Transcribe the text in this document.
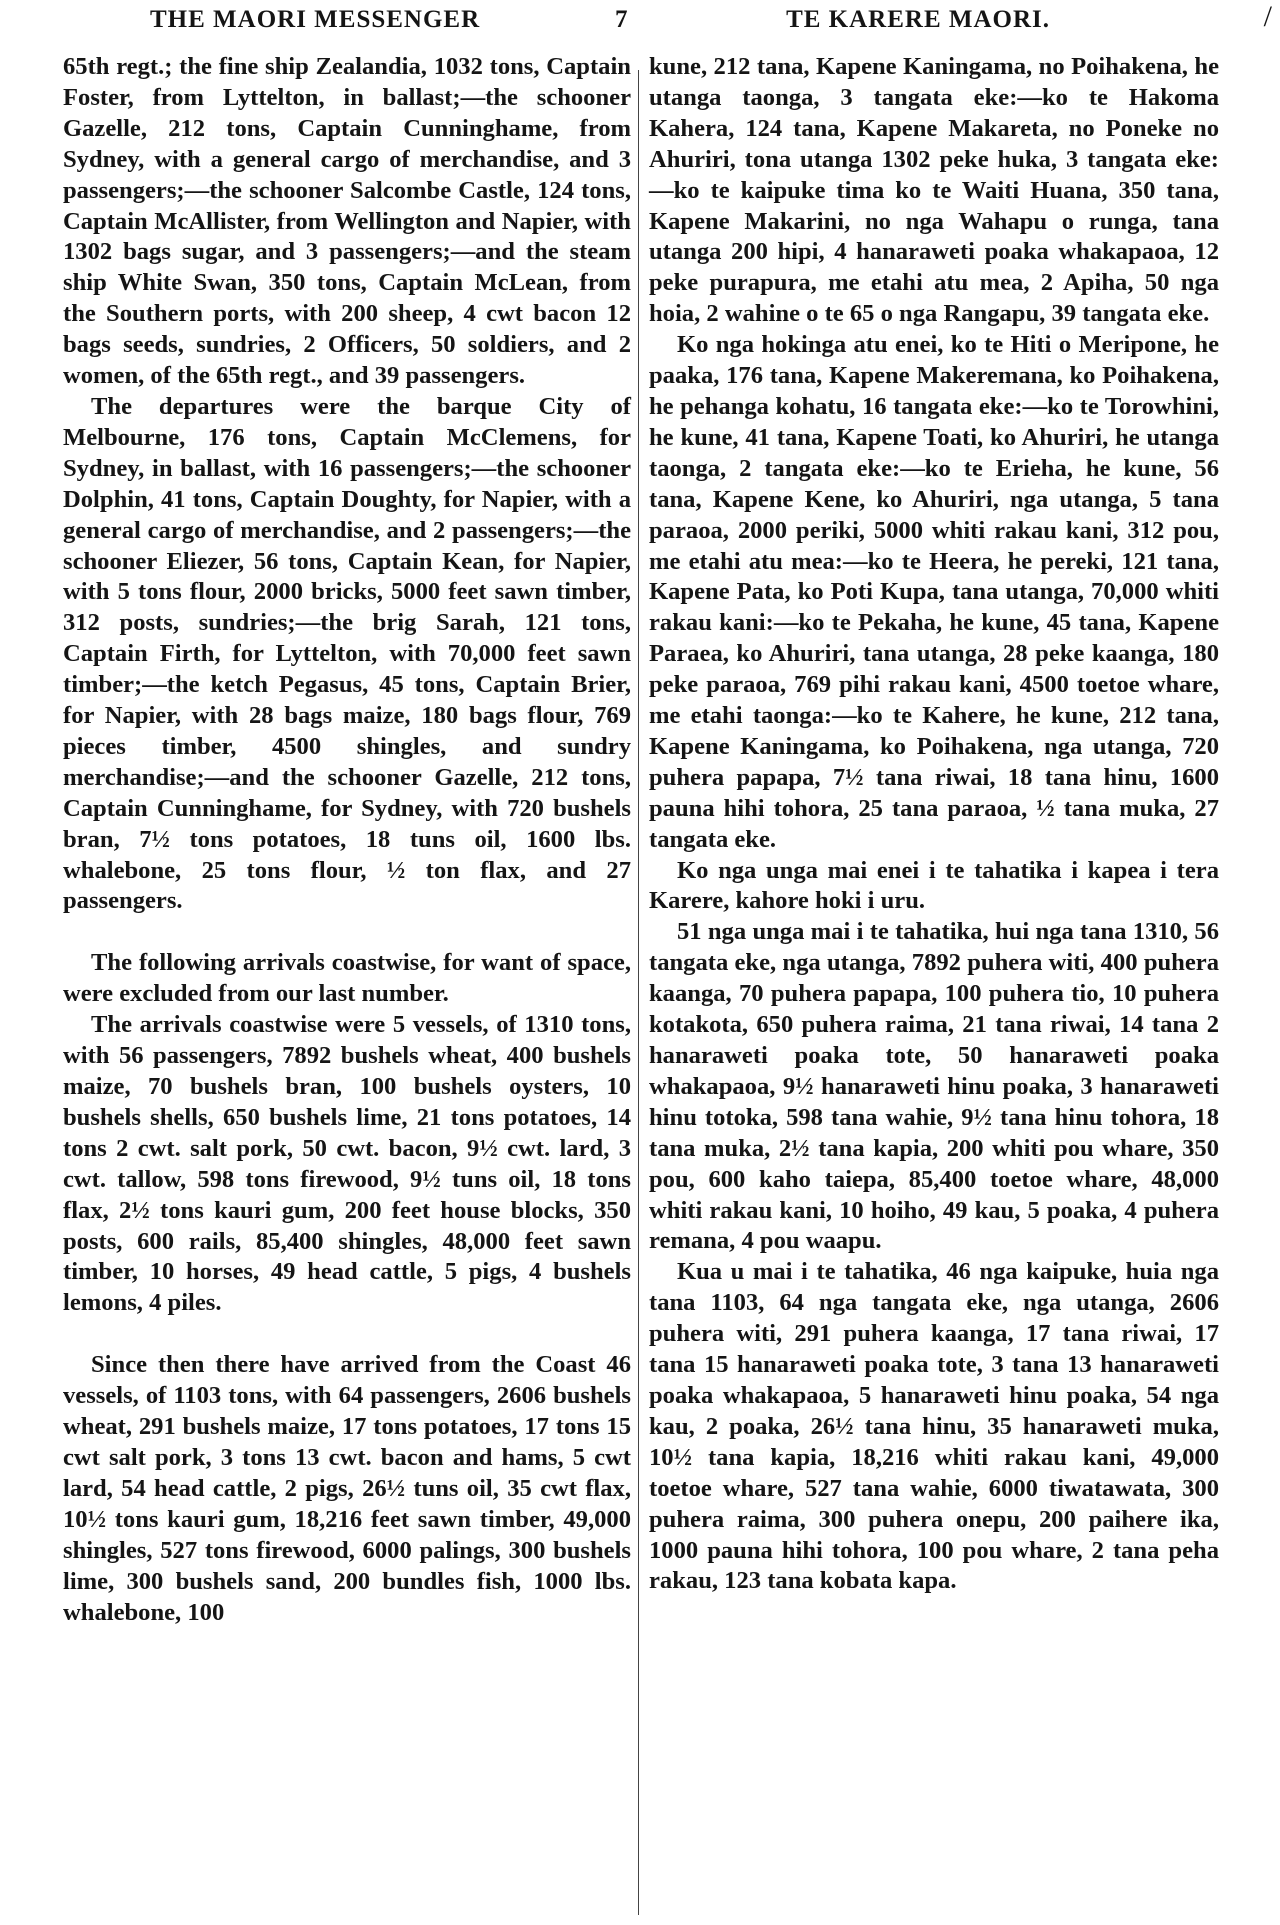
THE MAORI MESSENGER	7	TE KARERE MAORI.	/

65th regt.; the fine ship Zealandia, 1032 tons, Captain Foster, from Lyttelton, in ballast;—the schooner Gazelle, 212 tons, Captain Cunninghame, from Sydney, with a general cargo of merchandise, and 3 passengers;—the schooner Salcombe Castle, 124 tons, Captain McAllister, from Wellington and Napier, with 1302 bags sugar, and 3 passengers;—and the steam ship White Swan, 350 tons, Captain McLean, from the Southern ports, with 200 sheep, 4 cwt bacon 12 bags seeds, sundries, 2 Officers, 50 soldiers, and 2 women, of the 65th regt., and 39 passengers.

The departures were the barque City of Melbourne, 176 tons, Captain McClemens, for Sydney, in ballast, with 16 passengers;—the schooner Dolphin, 41 tons, Captain Doughty, for Napier, with a general cargo of merchandise, and 2 passengers;—the schooner Eliezer, 56 tons, Captain Kean, for Napier, with 5 tons flour, 2000 bricks, 5000 feet sawn timber, 312 posts, sundries;—the brig Sarah, 121 tons, Captain Firth, for Lyttelton, with 70,000 feet sawn timber;—the ketch Pegasus, 45 tons, Captain Brier, for Napier, with 28 bags maize, 180 bags flour, 769 pieces timber, 4500 shingles, and sundry merchandise;—and the schooner Gazelle, 212 tons, Captain Cunninghame, for Sydney, with 720 bushels bran, 7½ tons potatoes, 18 tuns oil, 1600 lbs. whalebone, 25 tons flour, ½ ton flax, and 27 passengers.

The following arrivals coastwise, for want of space, were excluded from our last number.

The arrivals coastwise were 5 vessels, of 1310 tons, with 56 passengers, 7892 bushels wheat, 400 bushels maize, 70 bushels bran, 100 bushels oysters, 10 bushels shells, 650 bushels lime, 21 tons potatoes, 14 tons 2 cwt. salt pork, 50 cwt. bacon, 9½ cwt. lard, 3 cwt. tallow, 598 tons firewood, 9½ tuns oil, 18 tons flax, 2½ tons kauri gum, 200 feet house blocks, 350 posts, 600 rails, 85,400 shingles, 48,000 feet sawn timber, 10 horses, 49 head cattle, 5 pigs, 4 bushels lemons, 4 piles.

Since then there have arrived from the Coast 46 vessels, of 1103 tons, with 64 passengers, 2606 bushels wheat, 291 bushels maize, 17 tons potatoes, 17 tons 15 cwt salt pork, 3 tons 13 cwt. bacon and hams, 5 cwt lard, 54 head cattle, 2 pigs, 26½ tuns oil, 35 cwt flax, 10½ tons kauri gum, 18,216 feet sawn timber, 49,000 shingles, 527 tons firewood, 6000 palings, 300 bushels lime, 300 bushels sand, 200 bundles fish, 1000 lbs. whalebone, 100

kune, 212 tana, Kapene Kaningama, no Poihakena, he utanga taonga, 3 tangata eke:—ko te Hakoma Kahera, 124 tana, Kapene Makareta, no Poneke no Ahuriri, tona utanga 1302 peke huka, 3 tangata eke:—ko te kaipuke tima ko te Waiti Huana, 350 tana, Kapene Makarini, no nga Wahapu o runga, tana utanga 200 hipi, 4 hanaraweti poaka whakapaoa, 12 peke purapura, me etahi atu mea, 2 Apiha, 50 nga hoia, 2 wahine o te 65 o nga Rangapu, 39 tangata eke.

Ko nga hokinga atu enei, ko te Hiti o Meripone, he paaka, 176 tana, Kapene Makeremana, ko Poihakena, he pehanga kohatu, 16 tangata eke:—ko te Torowhini, he kune, 41 tana, Kapene Toati, ko Ahuriri, he utanga taonga, 2 tangata eke:—ko te Erieha, he kune, 56 tana, Kapene Kene, ko Ahuriri, nga utanga, 5 tana paraoa, 2000 periki, 5000 whiti rakau kani, 312 pou, me etahi atu mea:—ko te Heera, he pereki, 121 tana, Kapene Pata, ko Poti Kupa, tana utanga, 70,000 whiti rakau kani:—ko te Pekaha, he kune, 45 tana, Kapene Paraea, ko Ahuriri, tana utanga, 28 peke kaanga, 180 peke paraoa, 769 pihi rakau kani, 4500 toetoe whare, me etahi taonga:—ko te Kahere, he kune, 212 tana, Kapene Kaningama, ko Poihakena, nga utanga, 720 puhera papapa, 7½ tana riwai, 18 tana hinu, 1600 pauna hihi tohora, 25 tana paraoa, ½ tana muka, 27 tangata eke.

Ko nga unga mai enei i te tahatika i kapea i tera Karere, kahore hoki i uru.

51 nga unga mai i te tahatika, hui nga tana 1310, 56 tangata eke, nga utanga, 7892 puhera witi, 400 puhera kaanga, 70 puhera papapa, 100 puhera tio, 10 puhera kotakota, 650 puhera raima, 21 tana riwai, 14 tana 2 hanaraweti poaka tote, 50 hanaraweti poaka whakapaoa, 9½ hanaraweti hinu poaka, 3 hanaraweti hinu totoka, 598 tana wahie, 9½ tana hinu tohora, 18 tana muka, 2½ tana kapia, 200 whiti pou whare, 350 pou, 600 kaho taiepa, 85,400 toetoe whare, 48,000 whiti rakau kani, 10 hoiho, 49 kau, 5 poaka, 4 puhera remana, 4 pou waapu.

Kua u mai i te tahatika, 46 nga kaipuke, huia nga tana 1103, 64 nga tangata eke, nga utanga, 2606 puhera witi, 291 puhera kaanga, 17 tana riwai, 17 tana 15 hanaraweti poaka tote, 3 tana 13 hanaraweti poaka whakapaoa, 5 hanaraweti hinu poaka, 54 nga kau, 2 poaka, 26½ tana hinu, 35 hanaraweti muka, 10½ tana kapia, 18,216 whiti rakau kani, 49,000 toetoe whare, 527 tana wahie, 6000 tiwatawata, 300 puhera raima, 300 puhera onepu, 200 paihere ika, 1000 pauna hihi tohora, 100 pou whare, 2 tana peha rakau, 123 tana kobata kapa.
